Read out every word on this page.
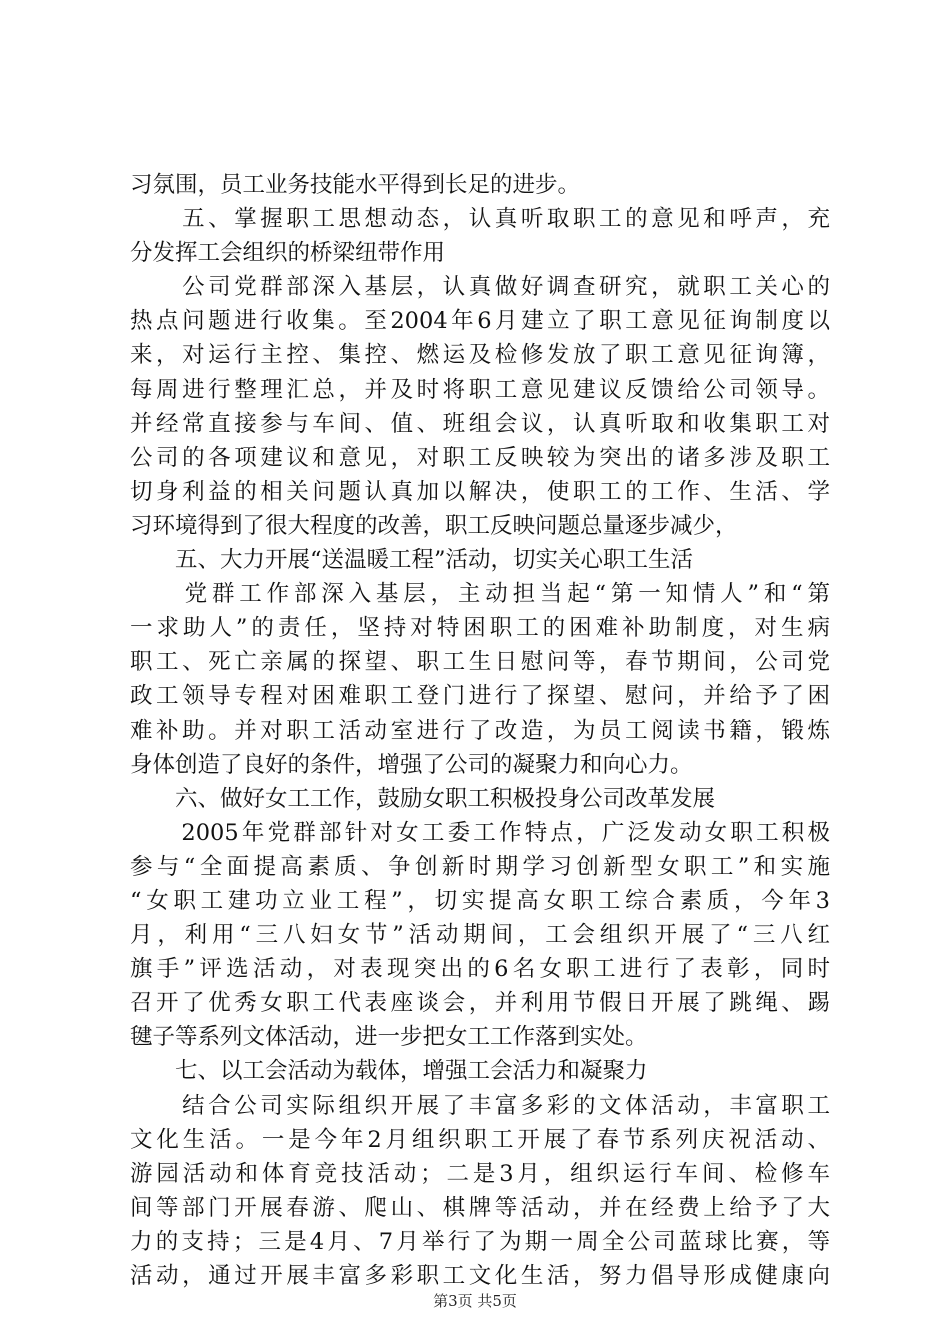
习氛围，员工业务技能水平得到长足的进步。
　　五、掌握职工思想动态，认真听取职工的意见和呼声，充
分发挥工会组织的桥梁纽带作用
　　公司党群部深入基层，认真做好调查研究，就职工关心的
热点问题进行收集。至2004年6月建立了职工意见征询制度以
来，对运行主控、集控、燃运及检修发放了职工意见征询簿，
每周进行整理汇总，并及时将职工意见建议反馈给公司领导。
并经常直接参与车间、值、班组会议，认真听取和收集职工对
公司的各项建议和意见，对职工反映较为突出的诸多涉及职工
切身利益的相关问题认真加以解决，使职工的工作、生活、学
习环境得到了很大程度的改善，职工反映问题总量逐步减少，
　　五、大力开展“送温暖工程”活动，切实关心职工生活
　　党群工作部深入基层，主动担当起“第一知情人”和“第
一求助人”的责任，坚持对特困职工的困难补助制度，对生病
职工、死亡亲属的探望、职工生日慰问等，春节期间，公司党
政工领导专程对困难职工登门进行了探望、慰问，并给予了困
难补助。并对职工活动室进行了改造，为员工阅读书籍，锻炼
身体创造了良好的条件，增强了公司的凝聚力和向心力。
　　六、做好女工工作，鼓励女职工积极投身公司改革发展
　　2005年党群部针对女工委工作特点，广泛发动女职工积极
参与“全面提高素质、争创新时期学习创新型女职工”和实施
“女职工建功立业工程”，切实提高女职工综合素质，今年3
月，利用“三八妇女节”活动期间，工会组织开展了“三八红
旗手”评选活动，对表现突出的6名女职工进行了表彰，同时
召开了优秀女职工代表座谈会，并利用节假日开展了跳绳、踢
毽子等系列文体活动，进一步把女工工作落到实处。
　　七、以工会活动为载体，增强工会活力和凝聚力
　　结合公司实际组织开展了丰富多彩的文体活动，丰富职工
文化生活。一是今年2月组织职工开展了春节系列庆祝活动、
游园活动和体育竞技活动；二是3月，组织运行车间、检修车
间等部门开展春游、爬山、棋牌等活动，并在经费上给予了大
力的支持；三是4月、7月举行了为期一周全公司蓝球比赛，等
活动，通过开展丰富多彩职工文化生活，努力倡导形成健康向
第3页 共5页
